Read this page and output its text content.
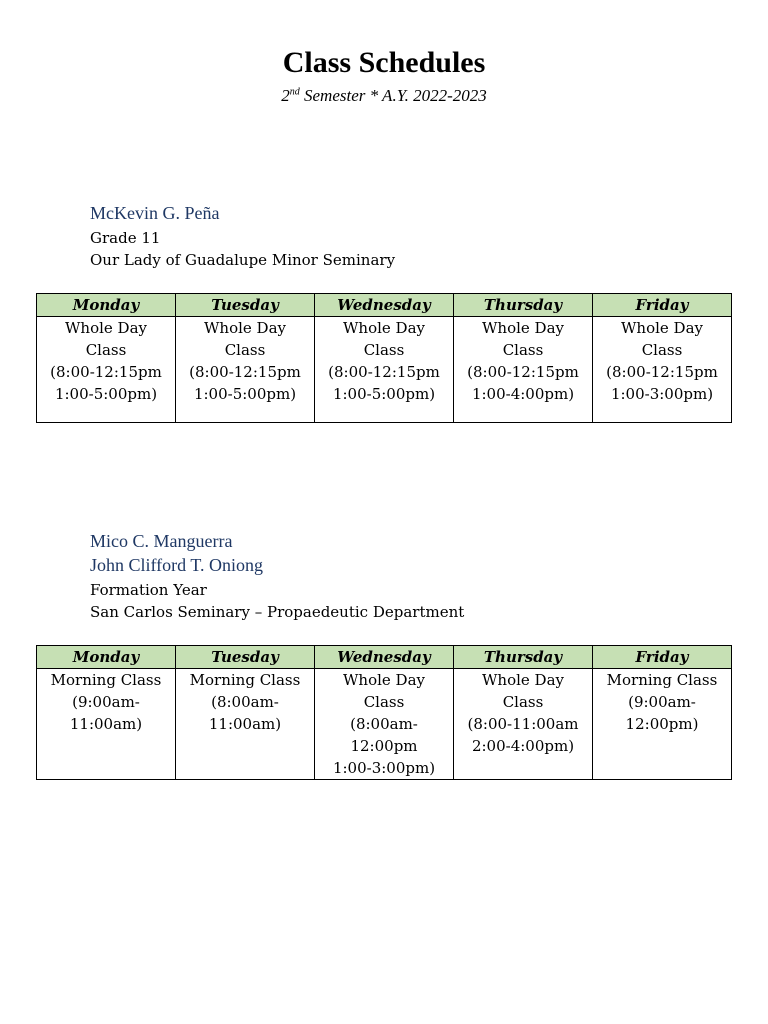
Class Schedules
2nd Semester * A.Y. 2022-2023
McKevin G. Peña
Grade 11
Our Lady of Guadalupe Minor Seminary
Monday	Tuesday	Wednesday	Thursday	Friday
Whole Day
Class
(8:00-12:15pm
1:00-5:00pm)	Whole Day
Class
(8:00-12:15pm
1:00-5:00pm)	Whole Day
Class
(8:00-12:15pm
1:00-5:00pm)	Whole Day
Class
(8:00-12:15pm
1:00-4:00pm)	Whole Day
Class
(8:00-12:15pm
1:00-3:00pm)
Mico C. Manguerra
John Clifford T. Oniong
Formation Year
San Carlos Seminary – Propaedeutic Department
Monday	Tuesday	Wednesday	Thursday	Friday
Morning Class
(9:00am-
11:00am)	Morning Class
(8:00am-
11:00am)	Whole Day
Class
(8:00am-
12:00pm
1:00-3:00pm)	Whole Day
Class
(8:00-11:00am
2:00-4:00pm)	Morning Class
(9:00am-
12:00pm)
